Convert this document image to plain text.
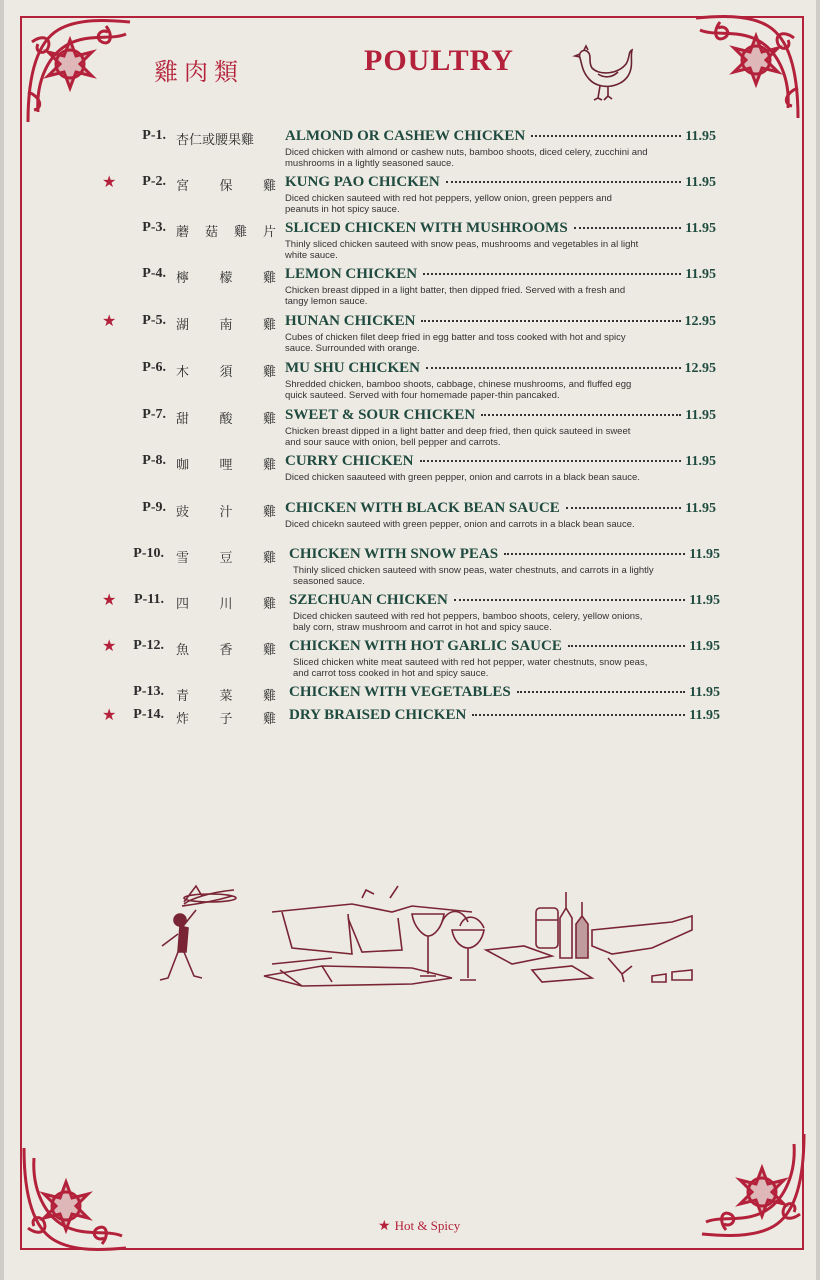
雞肉類	POULTRY
P-1. 杏仁或腰果雞 ALMOND OR CASHEW CHICKEN	11.95
Diced chicken with almond or cashew nuts, bamboo shoots, diced celery, zucchini and
mushrooms in a lightly seasoned sauce.
★	P-2. 宮 保 雞 KUNG PAO CHICKEN	11.95
Diced chicken sauteed with red hot peppers, yellow onion, green peppers and
peanuts in hot spicy sauce.
P-3. 蘑 菇 雞 片 SLICED CHICKEN WITH MUSHROOMS	11.95
Thinly sliced chicken sauteed with snow peas, mushrooms and vegetables in al light
white sauce.
P-4. 檸 檬 雞 LEMON CHICKEN	11.95
Chicken breast dipped in a light batter, then dipped fried. Served with a fresh and
tangy lemon sauce.
★	P-5. 湖 南 雞 HUNAN CHICKEN	12.95
Cubes of chicken filet deep fried in egg batter and toss cooked with hot and spicy
sauce. Surrounded with orange.
P-6. 木 須 雞 MU SHU CHICKEN	12.95
Shredded chicken, bamboo shoots, cabbage, chinese mushrooms, and fluffed egg
quick sauteed. Served with four homemade paper-thin pancaked.
P-7. 甜 酸 雞 SWEET & SOUR CHICKEN	11.95
Chicken breast dipped in a light batter and deep fried, then quick sauteed in sweet
and sour sauce with onion, bell pepper and carrots.
P-8. 咖 哩 雞 CURRY CHICKEN	11.95
Diced chicken saauteed with green pepper, onion and carrots in a black bean sauce.
P-9. 豉 汁 雞 CHICKEN WITH BLACK BEAN SAUCE	11.95
Diced chicekn sauteed with green pepper, onion and carrots in a black bean sauce.
P-10. 雪 豆 雞 CHICKEN WITH SNOW PEAS	11.95
Thinly sliced chicken sauteed with snow peas, water chestnuts, and carrots in a lightly
seasoned sauce.
★	P-11. 四 川 雞 SZECHUAN CHICKEN	11.95
Diced chicken sauteed with red hot peppers, bamboo shoots, celery, yellow onions,
baly corn, straw mushroom and carrot in hot and spicy sauce.
★	P-12. 魚 香 雞 CHICKEN WITH HOT GARLIC SAUCE	11.95
Sliced chicken white meat sauteed with red hot pepper, water chestnuts, snow peas,
and carrot toss cooked in hot and spicy sauce.
P-13. 青 菜 雞 CHICKEN WITH VEGETABLES	11.95
★	P-14. 炸 子 雞 DRY BRAISED CHICKEN	11.95
★ Hot & Spicy
